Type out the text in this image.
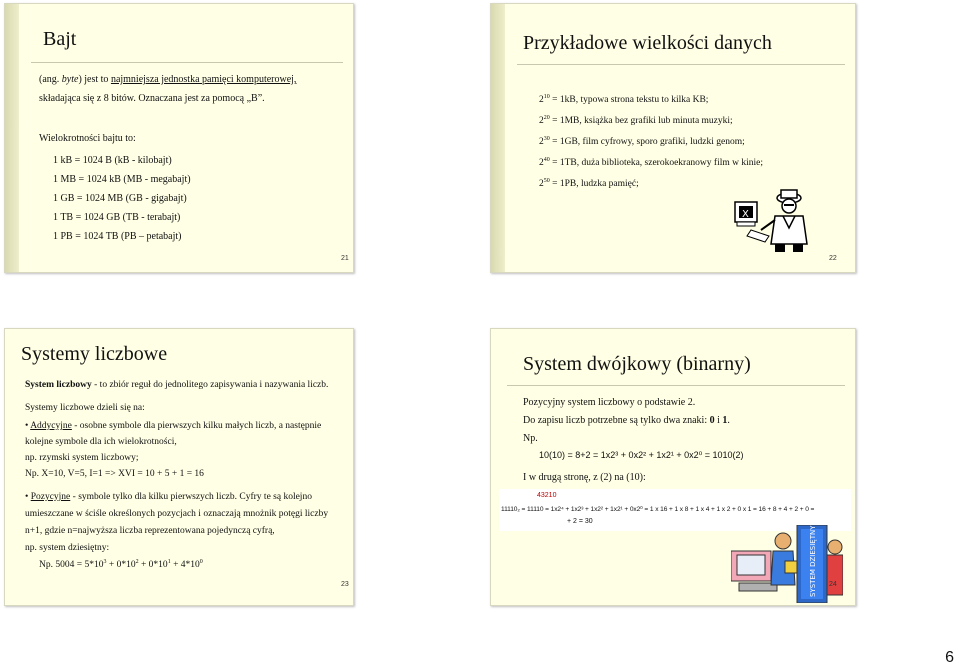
Bajt
(ang. byte) jest to najmniejsza jednostka pamięci komputerowej,
składająca się z 8 bitów. Oznaczana jest za pomocą „B”.
Wielokrotności bajtu to:
1 kB = 1024 B (kB - kilobajt)
1 MB = 1024 kB (MB - megabajt)
1 GB = 1024 MB (GB - gigabajt)
1 TB = 1024 GB (TB - terabajt)
1 PB = 1024 TB (PB – petabajt)
21
Przykładowe wielkości danych
$2^{10} = 1kB$, typowa strona tekstu to kilka KB;
$2^{20} = 1MB$, książka bez grafiki lub minuta muzyki;
$2^{30} = 1GB$, film cyfrowy, sporo grafiki, ludzki genom;
$2^{40} = 1TB$, duża biblioteka, szerokoekranowy film w kinie;
$2^{50} = 1PB$, ludzka pamięć;
X
22
Systemy liczbowe
System liczbowy - to zbiór reguł do jednolitego zapisywania i nazywania liczb.
Systemy liczbowe dzieli się na:
• Addycyjne - osobne symbole dla pierwszych kilku małych liczb, a następnie
kolejne symbole dla ich wielokrotności,
np. rzymski system liczbowy;
Np. X=10, V=5, I=1 => XVI = 10 + 5 + 1 = 16
• Pozycyjne - symbole tylko dla kilku pierwszych liczb. Cyfry te są kolejno
umieszczane w ściśle określonych pozycjach i oznaczają mnożnik potęgi liczby
n+1, gdzie n=najwyższa liczba reprezentowana pojedynczą cyfrą,
np. system dziesiętny:
Np. $5004 = 5*10^3 + 0*10^2 + 0*10^1 + 4*10^0$
23
System dwójkowy (binarny)
Pozycyjny system liczbowy o podstawie 2.
Do zapisu liczb potrzebne są tylko dwa znaki: 0 i 1.
Np.
10(10) = 8+2 = 1x2³ + 0x2² + 1x2¹ + 0x2⁰ = 1010(2)
I w drugą stronę, z (2) na (10):
43210
11110₂ = 11110 = 1x2⁴ + 1x2³ + 1x2² + 1x2¹ + 0x2⁰ = 1 x 16 + 1 x 8 + 1 x 4 + 1 x 2 + 0 x 1 = 16 + 8 + 4 + 2 + 0 =
+ 2 = 30
SYSTEM DZIESIĘTNY 24
6
